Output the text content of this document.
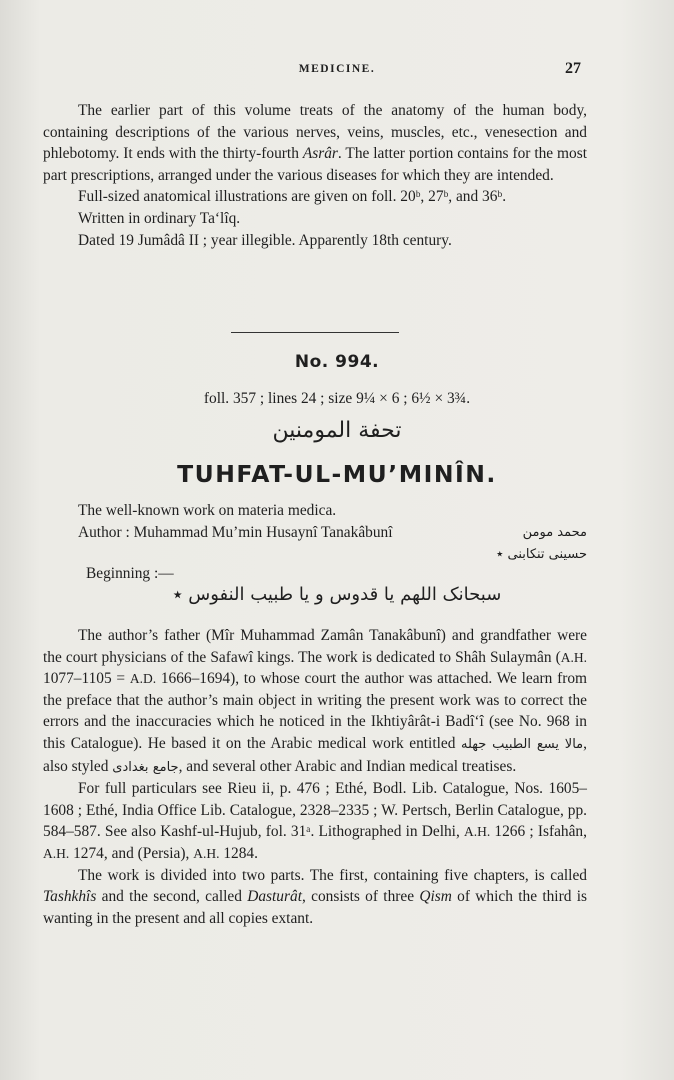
MEDICINE.	27

The earlier part of this volume treats of the anatomy of the human body, containing descriptions of the various nerves, veins, muscles, etc., venesection and phlebotomy. It ends with the thirty-fourth Asrâr. The latter portion contains for the most part prescriptions, arranged under the various diseases for which they are intended.

Full-sized anatomical illustrations are given on foll. 20ᵇ, 27ᵇ, and 36ᵇ.

Written in ordinary Ta‘lîq.

Dated 19 Jumâdâ II ; year illegible. Apparently 18th century.

No. 994.
foll. 357 ; lines 24 ; size 9¼ × 6 ; 6½ × 3¾.
تحفة المومنين
TUHFAT-UL-MU’MINÎN.

The well-known work on materia medica.

Author : Muhammad Mu’min Husaynî Tanakâbunî	محمد مومن
حسینی تنکابنی ٭
Beginning :—
سبحانک اللهم یا قدوس و یا طبیب النفوس ٭

The author’s father (Mîr Muhammad Zamân Tanakâbunî) and grandfather were the court physicians of the Safawî kings. The work is dedicated to Shâh Sulaymân (A.H. 1077–1105 = A.D. 1666–1694), to whose court the author was attached. We learn from the preface that the author’s main object in writing the present work was to correct the errors and the inaccuracies which he noticed in the Ikhtiyârât-i Badî‘î (see No. 968 in this Catalogue). He based it on the Arabic medical work entitled مالا یسع الطبیب جهله, also styled جامع بغدادی, and several other Arabic and Indian medical treatises.

For full particulars see Rieu ii, p. 476 ; Ethé, Bodl. Lib. Catalogue, Nos. 1605–1608 ; Ethé, India Office Lib. Catalogue, 2328–2335 ; W. Pertsch, Berlin Catalogue, pp. 584–587. See also Kashf-ul-Hujub, fol. 31ᵃ. Lithographed in Delhi, A.H. 1266 ; Isfahân, A.H. 1274, and (Persia), A.H. 1284.

The work is divided into two parts. The first, containing five chapters, is called Tashkhîs and the second, called Dasturât, consists of three Qism of which the third is wanting in the present and all copies extant.
